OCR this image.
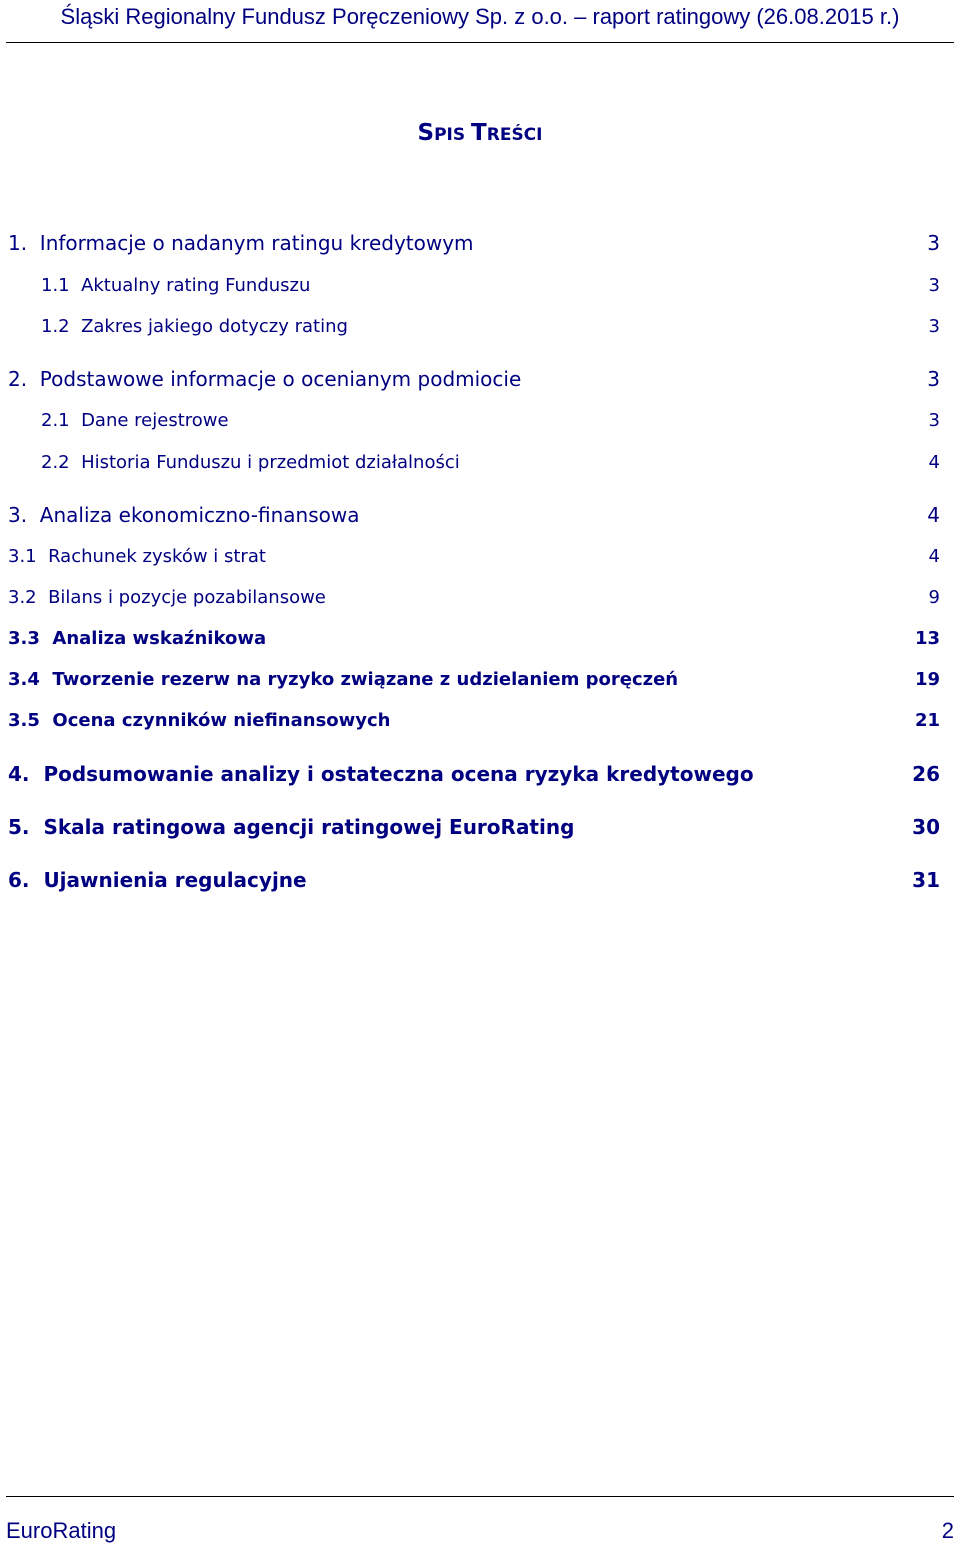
Śląski Regionalny Fundusz Poręczeniowy Sp. z o.o. – raport ratingowy (26.08.2015 r.)
SPIS TREŚCI
1.  Informacje o nadanym ratingu kredytowym	3
1.1  Aktualny rating Funduszu	3
1.2  Zakres jakiego dotyczy rating	3
2.  Podstawowe informacje o ocenianym podmiocie	3
2.1  Dane rejestrowe	3
2.2  Historia Funduszu i przedmiot działalności	4
3.  Analiza ekonomiczno-finansowa	4
3.1  Rachunek zysków i strat	4
3.2  Bilans i pozycje pozabilansowe	9
3.3  Analiza wskaźnikowa	13
3.4  Tworzenie rezerw na ryzyko związane z udzielaniem poręczeń	19
3.5  Ocena czynników niefinansowych	21
4.  Podsumowanie analizy i ostateczna ocena ryzyka kredytowego	26
5.  Skala ratingowa agencji ratingowej EuroRating	30
6.  Ujawnienia regulacyjne	31
EuroRating	2
